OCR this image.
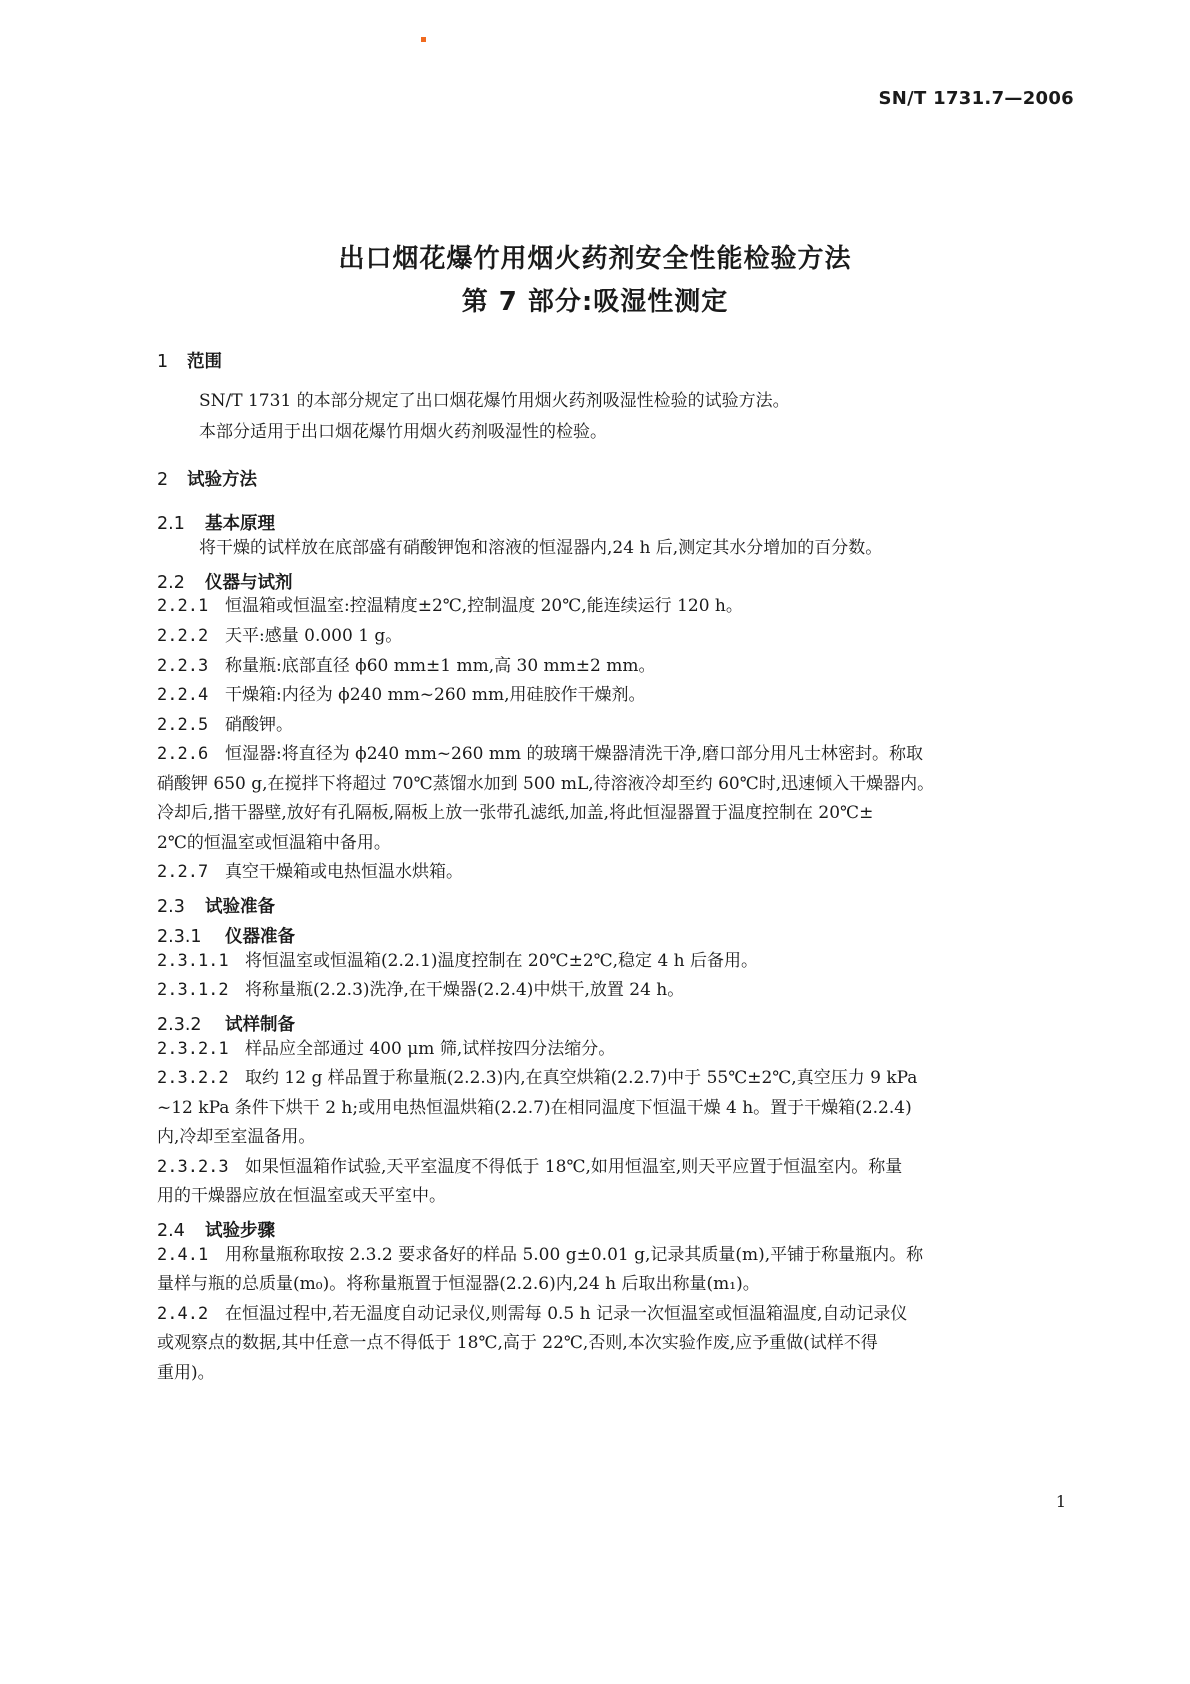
SN/T 1731.7—2006
出口烟花爆竹用烟火药剂安全性能检验方法
第 7 部分:吸湿性测定
1 范围
SN/T 1731 的本部分规定了出口烟花爆竹用烟火药剂吸湿性检验的试验方法。
本部分适用于出口烟花爆竹用烟火药剂吸湿性的检验。
2 试验方法
2.1 基本原理
将干燥的试样放在底部盛有硝酸钾饱和溶液的恒湿器内,24 h 后,测定其水分增加的百分数。
2.2 仪器与试剂
2.2.1 恒温箱或恒温室:控温精度±2℃,控制温度 20℃,能连续运行 120 h。
2.2.2 天平:感量 0.000 1 g。
2.2.3 称量瓶:底部直径 ϕ60 mm±1 mm,高 30 mm±2 mm。
2.2.4 干燥箱:内径为 ϕ240 mm~260 mm,用硅胶作干燥剂。
2.2.5 硝酸钾。
2.2.6 恒湿器:将直径为 ϕ240 mm~260 mm 的玻璃干燥器清洗干净,磨口部分用凡士林密封。称取
硝酸钾 650 g,在搅拌下将超过 70℃蒸馏水加到 500 mL,待溶液冷却至约 60℃时,迅速倾入干燥器内。
冷却后,揩干器壁,放好有孔隔板,隔板上放一张带孔滤纸,加盖,将此恒湿器置于温度控制在 20℃±
2℃的恒温室或恒温箱中备用。
2.2.7 真空干燥箱或电热恒温水烘箱。
2.3 试验准备
2.3.1 仪器准备
2.3.1.1 将恒温室或恒温箱(2.2.1)温度控制在 20℃±2℃,稳定 4 h 后备用。
2.3.1.2 将称量瓶(2.2.3)洗净,在干燥器(2.2.4)中烘干,放置 24 h。
2.3.2 试样制备
2.3.2.1 样品应全部通过 400 μm 筛,试样按四分法缩分。
2.3.2.2 取约 12 g 样品置于称量瓶(2.2.3)内,在真空烘箱(2.2.7)中于 55℃±2℃,真空压力 9 kPa
~12 kPa 条件下烘干 2 h;或用电热恒温烘箱(2.2.7)在相同温度下恒温干燥 4 h。置于干燥箱(2.2.4)
内,冷却至室温备用。
2.3.2.3 如果恒温箱作试验,天平室温度不得低于 18℃,如用恒温室,则天平应置于恒温室内。称量
用的干燥器应放在恒温室或天平室中。
2.4 试验步骤
2.4.1 用称量瓶称取按 2.3.2 要求备好的样品 5.00 g±0.01 g,记录其质量(m),平铺于称量瓶内。称
量样与瓶的总质量(m₀)。将称量瓶置于恒湿器(2.2.6)内,24 h 后取出称量(m₁)。
2.4.2 在恒温过程中,若无温度自动记录仪,则需每 0.5 h 记录一次恒温室或恒温箱温度,自动记录仪
或观察点的数据,其中任意一点不得低于 18℃,高于 22℃,否则,本次实验作废,应予重做(试样不得
重用)。
1
